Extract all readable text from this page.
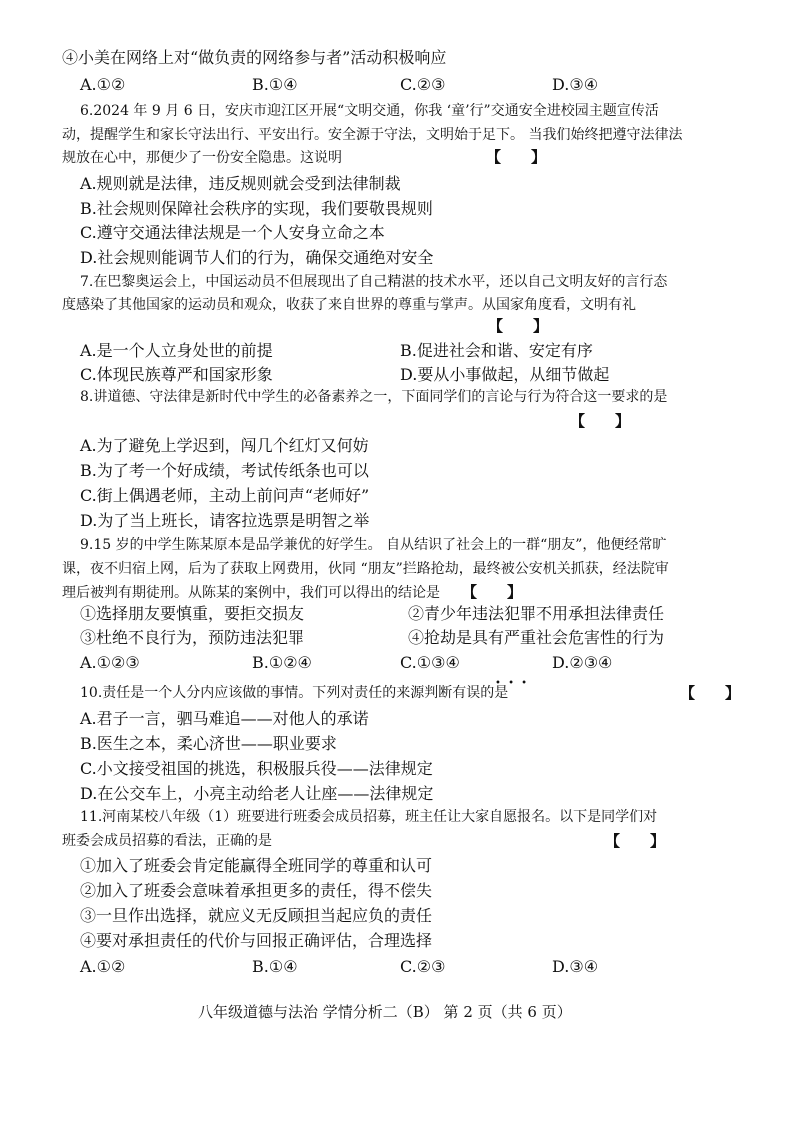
④小美在网络上对“做负责的网络参与者”活动积极响应
A.①②	B.①④	C.②③	D.③④
6.2024 年 9 月 6 日，安庆市迎江区开展“文明交通，你我 ‘童’行”交通安全进校园主题宣传活
动，提醒学生和家长守法出行、平安出行。安全源于守法，文明始于足下。 当我们始终把遵守法律法
规放在心中，那便少了一份安全隐患。这说明	【　　】
A.规则就是法律，违反规则就会受到法律制裁
B.社会规则保障社会秩序的实现，我们要敬畏规则
C.遵守交通法律法规是一个人安身立命之本
D.社会规则能调节人们的行为，确保交通绝对安全
7.在巴黎奥运会上，中国运动员不但展现出了自己精湛的技术水平，还以自己文明友好的言行态
度感染了其他国家的运动员和观众，收获了来自世界的尊重与掌声。从国家角度看，文明有礼
【　　】
A.是一个人立身处世的前提	B.促进社会和谐、安定有序
C.体现民族尊严和国家形象	D.要从小事做起，从细节做起
8.讲道德、守法律是新时代中学生的必备素养之一，下面同学们的言论与行为符合这一要求的是
【　　】
A.为了避免上学迟到，闯几个红灯又何妨
B.为了考一个好成绩，考试传纸条也可以
C.街上偶遇老师，主动上前问声“老师好”
D.为了当上班长，请客拉选票是明智之举
9.15 岁的中学生陈某原本是品学兼优的好学生。 自从结识了社会上的一群“朋友”，他便经常旷
课，夜不归宿上网，后为了获取上网费用，伙同 “朋友”拦路抢劫，最终被公安机关抓获，经法院审
理后被判有期徒刑。从陈某的案例中，我们可以得出的结论是 【　　】
①选择朋友要慎重，要拒交损友	②青少年违法犯罪不用承担法律责任
③杜绝不良行为，预防违法犯罪	④抢劫是具有严重社会危害性的行为
A.①②③	B.①②④	C.①③④	D.②③④
• • •
10.责任是一个人分内应该做的事情。下列对责任的来源判断有误的是	【　　】
A.君子一言，驷马难追——对他人的承诺
B.医生之本，柔心济世——职业要求
C.小文接受祖国的挑选，积极服兵役——法律规定
D.在公交车上，小亮主动给老人让座——法律规定
11.河南某校八年级（1）班要进行班委会成员招募，班主任让大家自愿报名。以下是同学们对
班委会成员招募的看法，正确的是	【　　】
①加入了班委会肯定能赢得全班同学的尊重和认可
②加入了班委会意味着承担更多的责任，得不偿失
③一旦作出选择，就应义无反顾担当起应负的责任
④要对承担责任的代价与回报正确评估，合理选择
A.①②	B.①④	C.②③	D.③④
八年级道德与法治 学情分析二（B） 第 2 页（共 6 页）
